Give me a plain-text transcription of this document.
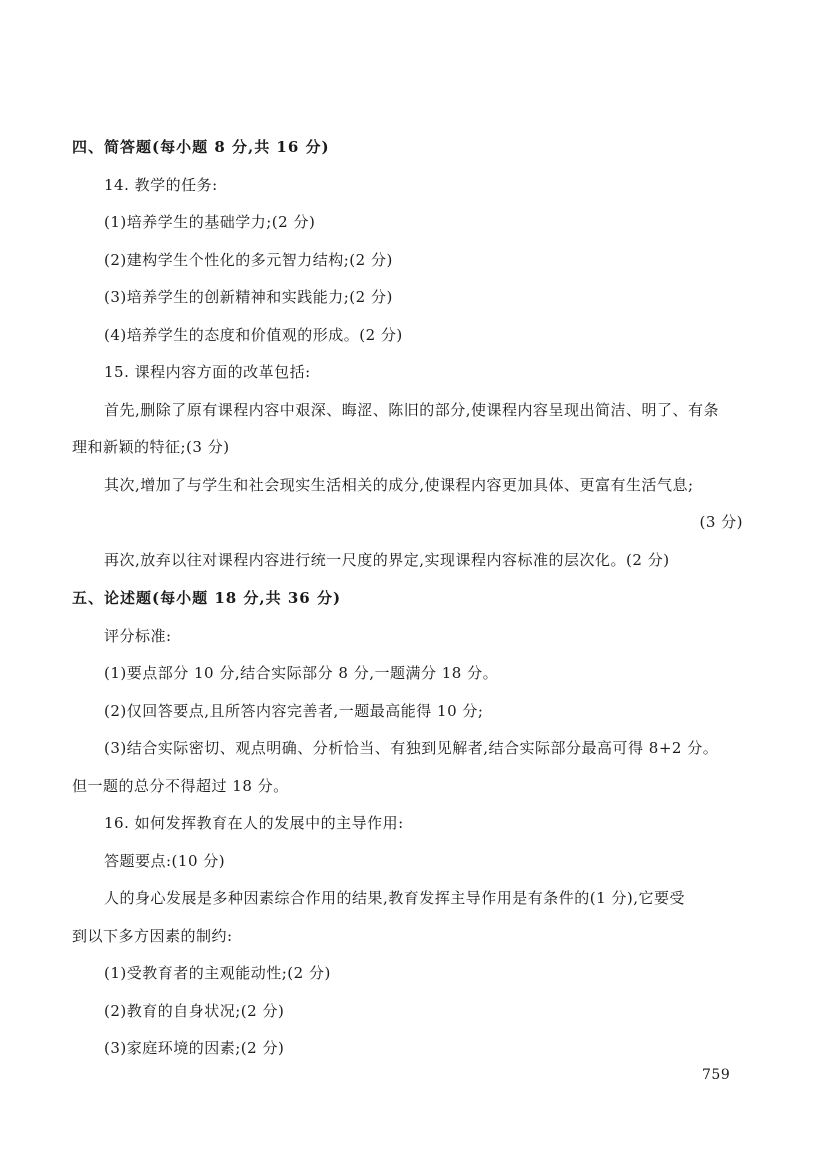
四、简答题(每小题 8 分,共 16 分)
14. 教学的任务:
(1)培养学生的基础学力;(2 分)
(2)建构学生个性化的多元智力结构;(2 分)
(3)培养学生的创新精神和实践能力;(2 分)
(4)培养学生的态度和价值观的形成。(2 分)
15. 课程内容方面的改革包括:
首先,删除了原有课程内容中艰深、晦涩、陈旧的部分,使课程内容呈现出简洁、明了、有条
理和新颖的特征;(3 分)
其次,增加了与学生和社会现实生活相关的成分,使课程内容更加具体、更富有生活气息;
(3 分)
再次,放弃以往对课程内容进行统一尺度的界定,实现课程内容标准的层次化。(2 分)
五、论述题(每小题 18 分,共 36 分)
评分标准:
(1)要点部分 10 分,结合实际部分 8 分,一题满分 18 分。
(2)仅回答要点,且所答内容完善者,一题最高能得 10 分;
(3)结合实际密切、观点明确、分析恰当、有独到见解者,结合实际部分最高可得 8+2 分。
但一题的总分不得超过 18 分。
16. 如何发挥教育在人的发展中的主导作用:
答题要点:(10 分)
人的身心发展是多种因素综合作用的结果,教育发挥主导作用是有条件的(1 分),它要受
到以下多方因素的制约:
(1)受教育者的主观能动性;(2 分)
(2)教育的自身状况;(2 分)
(3)家庭环境的因素;(2 分)
759
